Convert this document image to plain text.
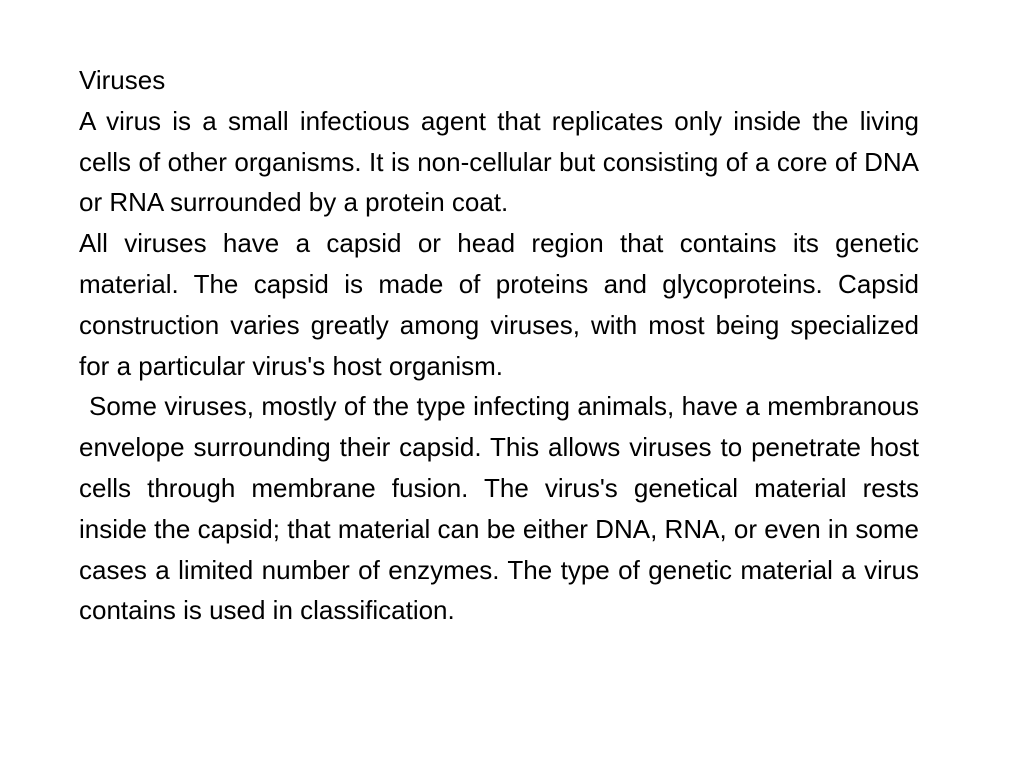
Viruses

A virus is a small infectious agent that replicates only inside the living cells of other organisms. It is non-cellular but consisting of a core of DNA or RNA surrounded by a protein coat.

All viruses have a capsid or head region that contains its genetic material. The capsid is made of proteins and glycoproteins. Capsid construction varies greatly among viruses, with most being specialized for a particular virus's host organism.

Some viruses, mostly of the type infecting animals, have a membranous envelope surrounding their capsid. This allows viruses to penetrate host cells through membrane fusion. The virus's genetical material rests inside the capsid; that material can be either DNA, RNA, or even in some cases a limited number of enzymes. The type of genetic material a virus contains is used in classification.
